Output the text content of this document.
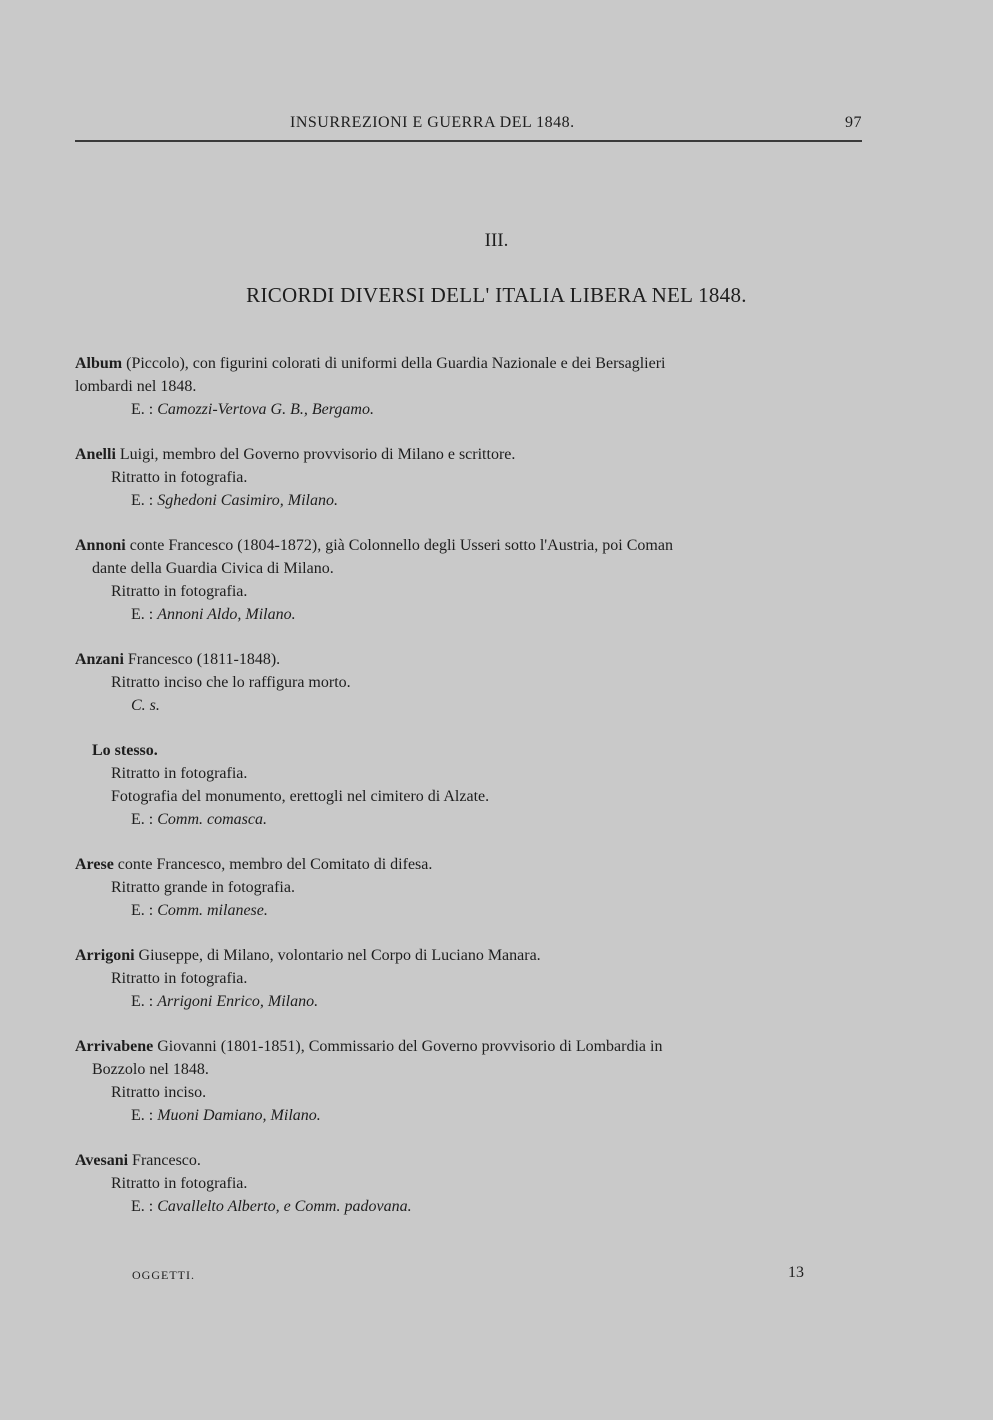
INSURREZIONI E GUERRA DEL 1848.	97
III.
RICORDI DIVERSI DELL' ITALIA LIBERA NEL 1848.
Album (Piccolo), con figurini colorati di uniformi della Guardia Nazionale e dei Bersaglieri
lombardi nel 1848.
E. : Camozzi-Vertova G. B., Bergamo.
Anelli Luigi, membro del Governo provvisorio di Milano e scrittore.
Ritratto in fotografia.
E. : Sghedoni Casimiro, Milano.
Annoni conte Francesco (1804-1872), già Colonnello degli Usseri sotto l'Austria, poi Coman
dante della Guardia Civica di Milano.
Ritratto in fotografia.
E. : Annoni Aldo, Milano.
Anzani Francesco (1811-1848).
Ritratto inciso che lo raffigura morto.
C. s.
Lo stesso.
Ritratto in fotografia.
Fotografia del monumento, erettogli nel cimitero di Alzate.
E. : Comm. comasca.
Arese conte Francesco, membro del Comitato di difesa.
Ritratto grande in fotografia.
E. : Comm. milanese.
Arrigoni Giuseppe, di Milano, volontario nel Corpo di Luciano Manara.
Ritratto in fotografia.
E. : Arrigoni Enrico, Milano.
Arrivabene Giovanni (1801-1851), Commissario del Governo provvisorio di Lombardia in
Bozzolo nel 1848.
Ritratto inciso.
E. : Muoni Damiano, Milano.
Avesani Francesco.
Ritratto in fotografia.
E. : Cavallelto Alberto, e Comm. padovana.
OGGETTI.	13
